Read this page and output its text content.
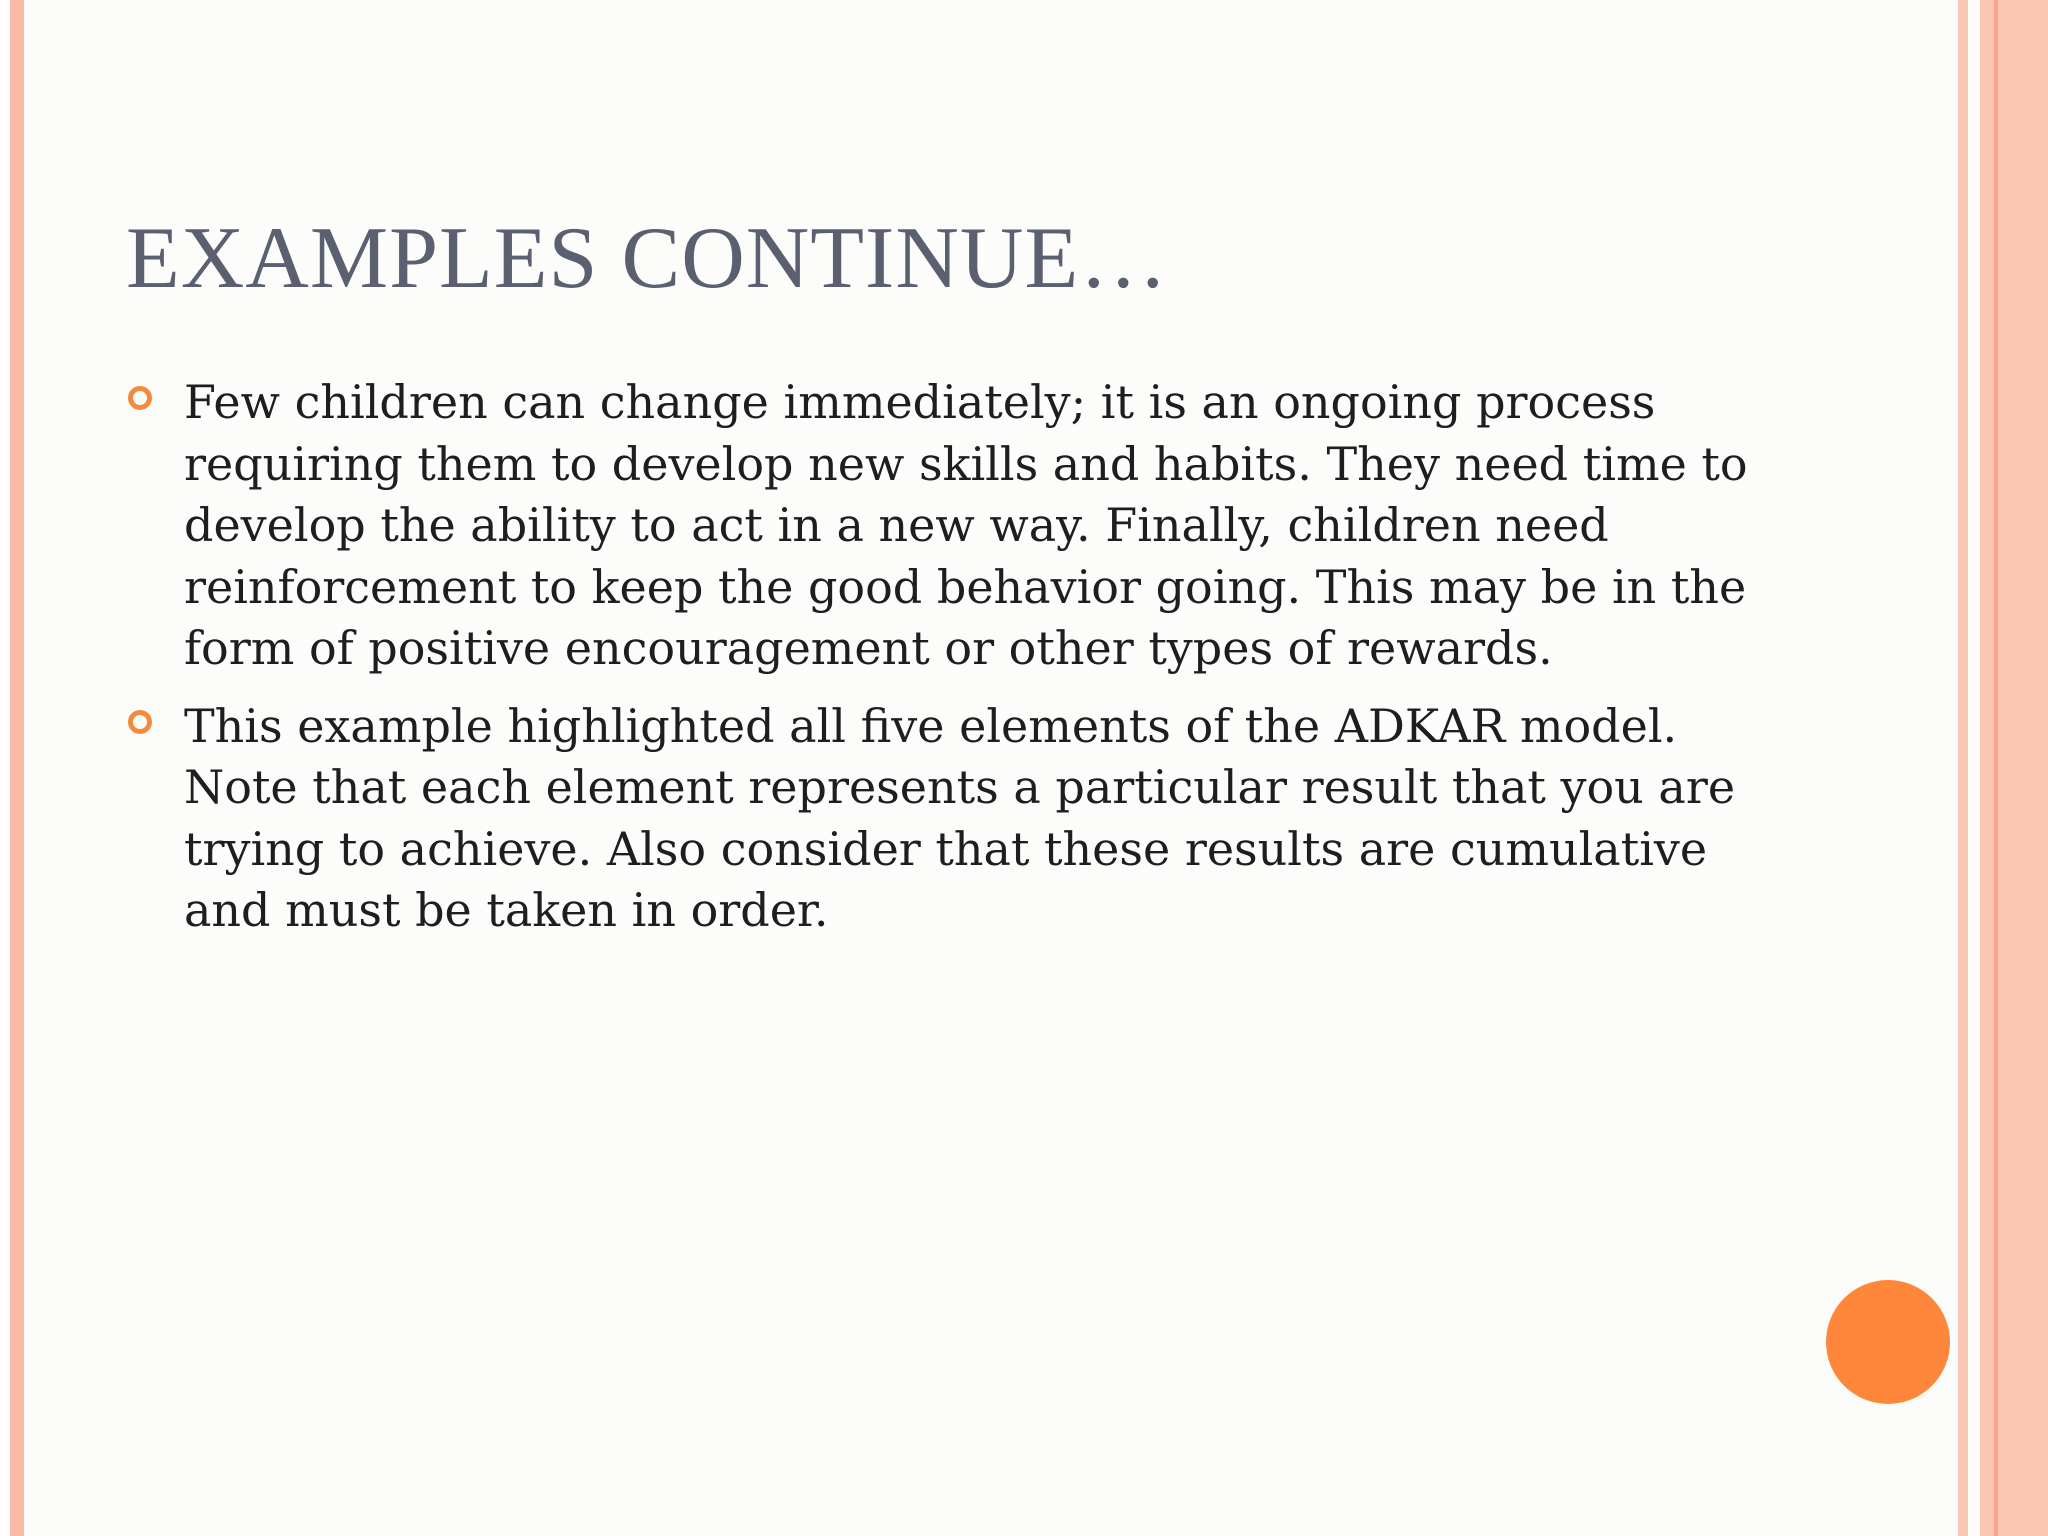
EXAMPLES CONTINUE…
Few children can change immediately; it is an ongoing process requiring them to develop new skills and habits. They need time to develop the ability to act in a new way. Finally, children need reinforcement to keep the good behavior going. This may be in the form of positive encouragement or other types of rewards.
This example highlighted all five elements of the ADKAR model. Note that each element represents a particular result that you are trying to achieve. Also consider that these results are cumulative and must be taken in order.
